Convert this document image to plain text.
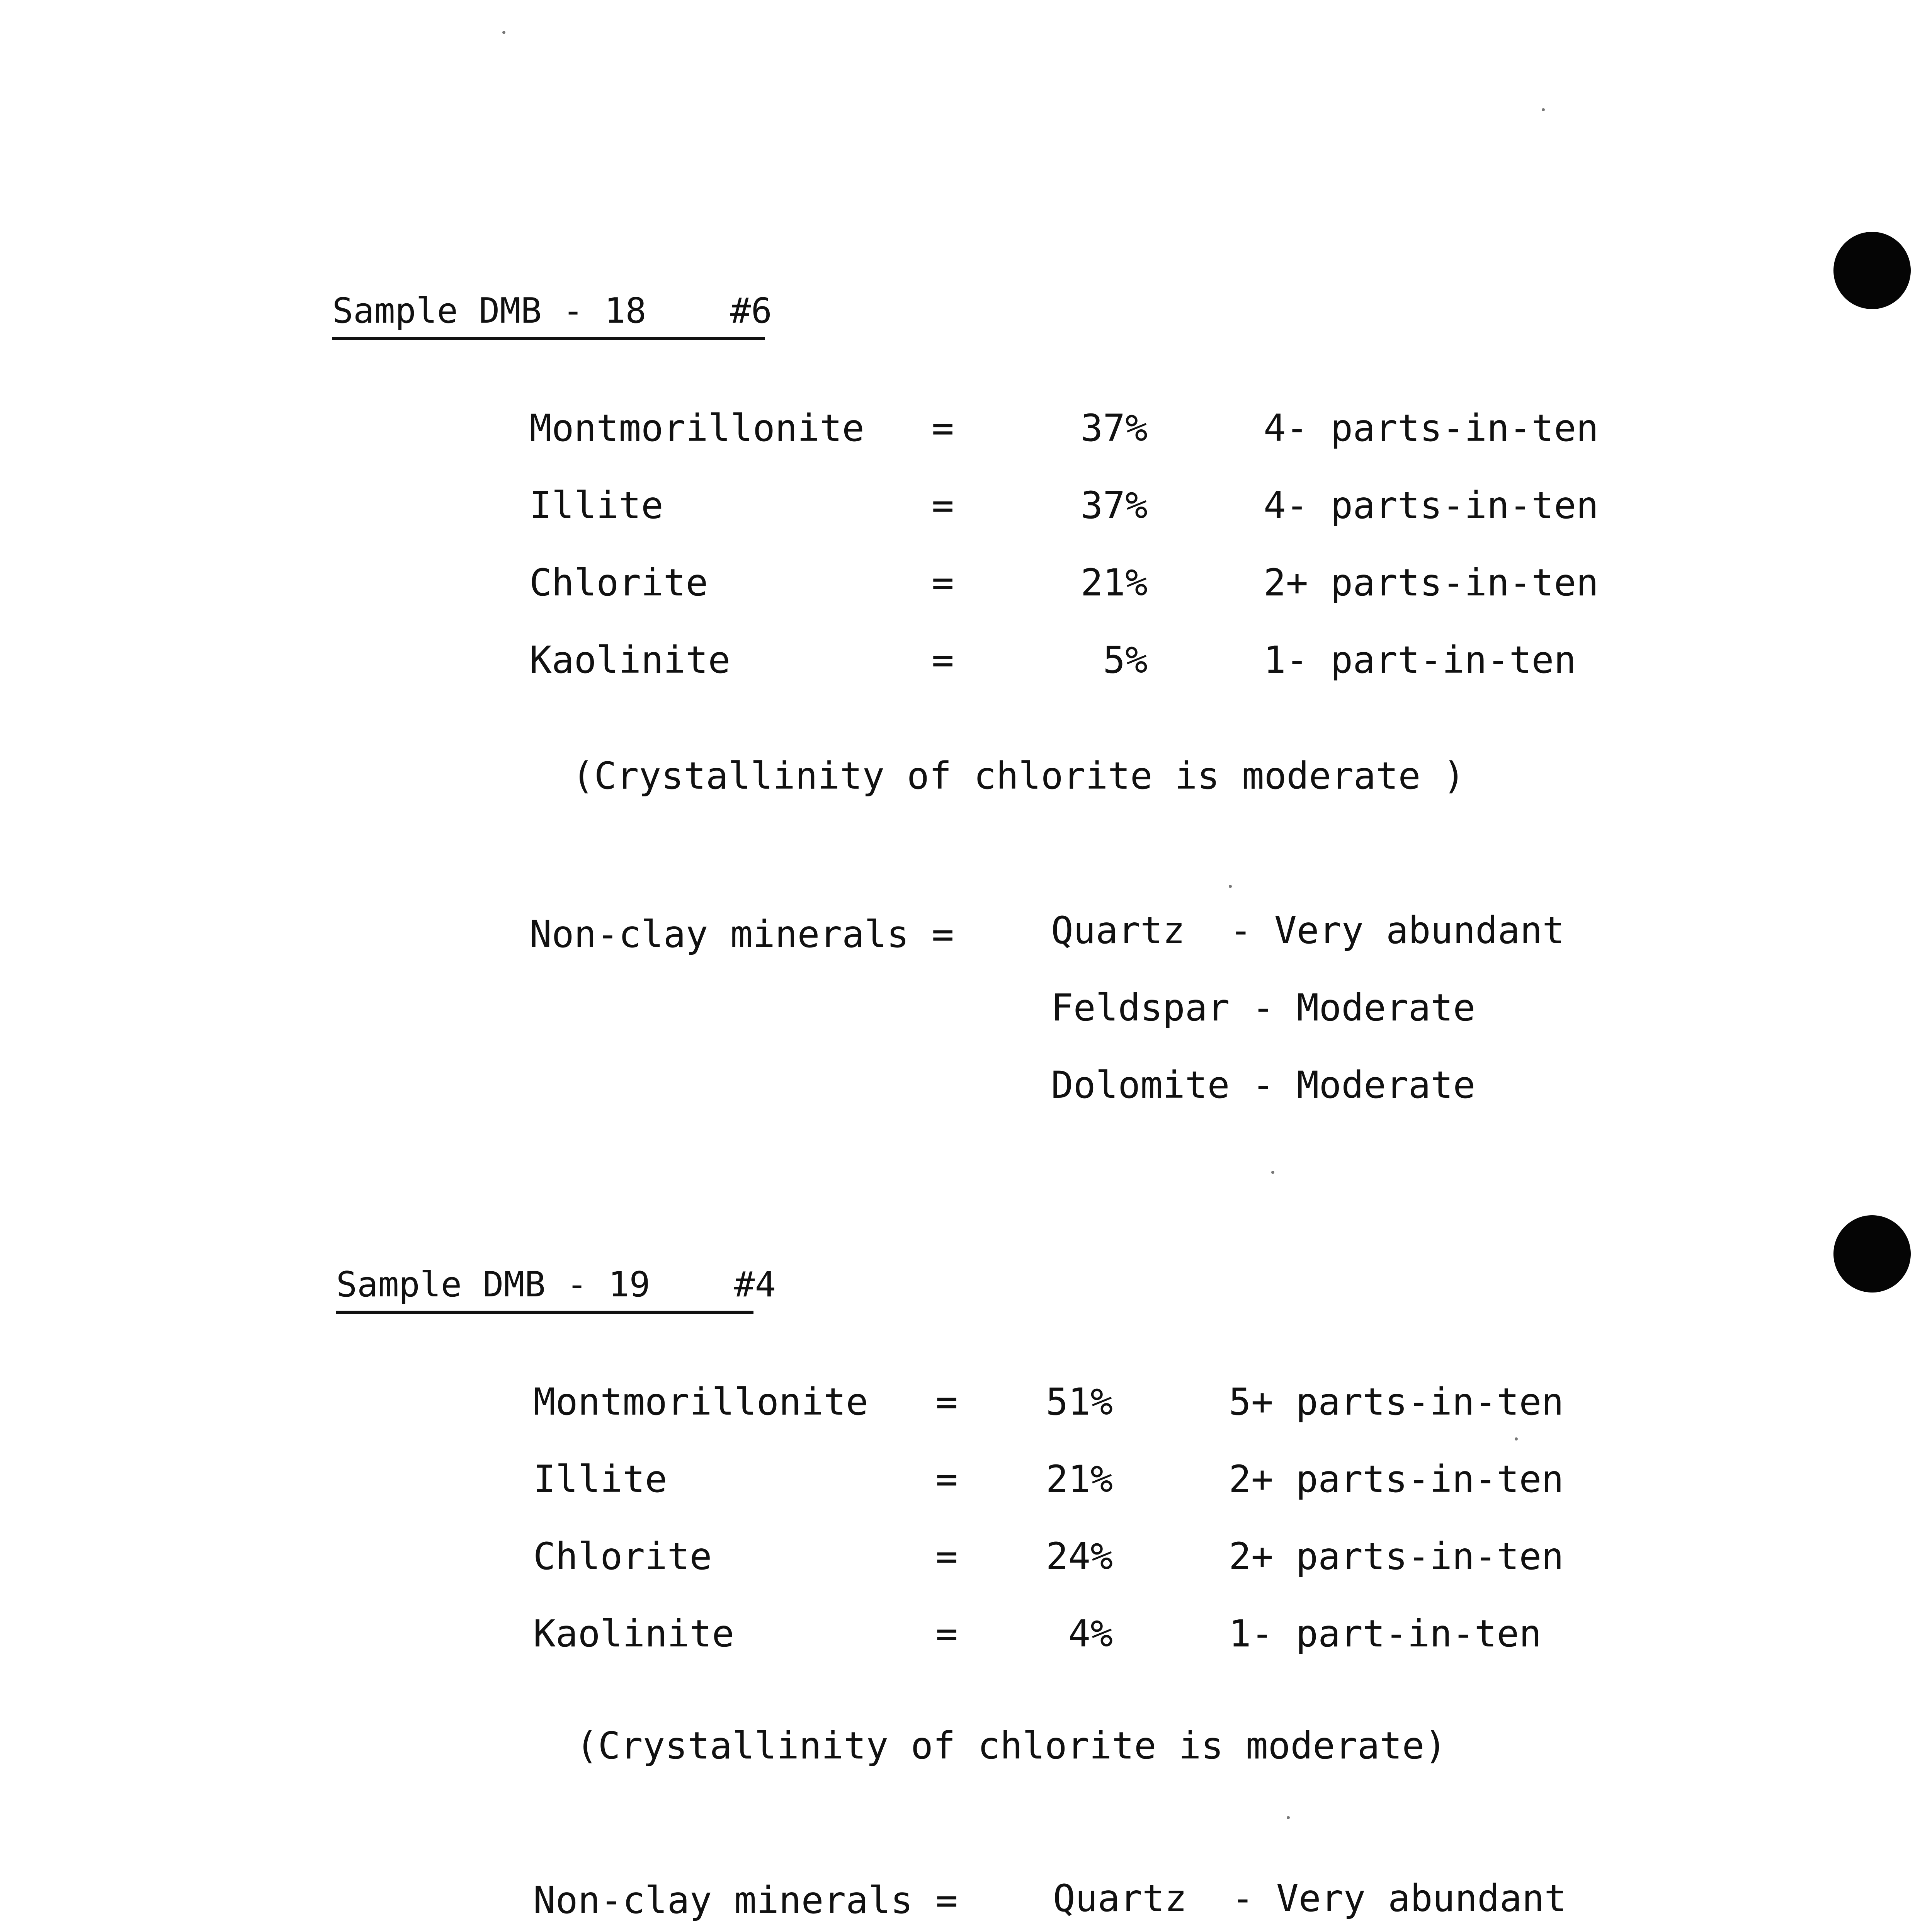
Sample DMB - 18    #6
Montmorillonite	=	37%	4- parts-in-ten
Illite	=	37%	4- parts-in-ten
Chlorite	=	21%	2+ parts-in-ten
Kaolinite	=	5%	1- part-in-ten
(Crystallinity of chlorite is moderate )
Non-clay minerals =	Quartz  - Very abundant
Feldspar - Moderate
Dolomite - Moderate
Sample DMB - 19    #4
Montmorillonite	=	51%	5+ parts-in-ten
Illite	=	21%	2+ parts-in-ten
Chlorite	=	24%	2+ parts-in-ten
Kaolinite	=	4%	1- part-in-ten
(Crystallinity of chlorite is moderate)
Non-clay minerals =	Quartz  - Very abundant
